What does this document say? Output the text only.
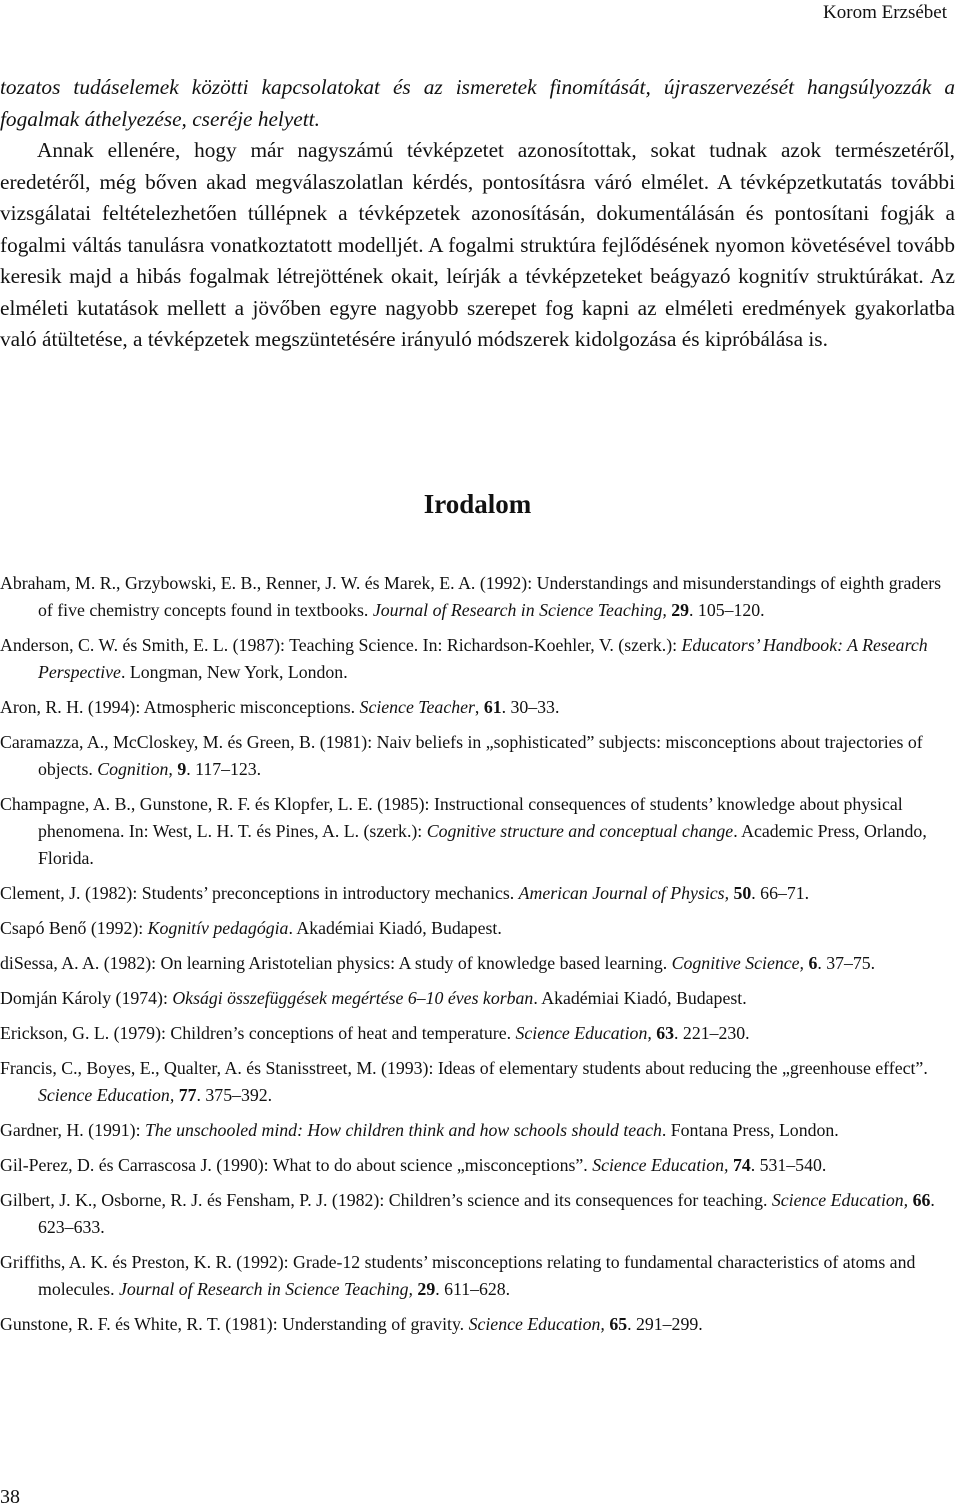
Korom Erzsébet

tozatos tudáselemek közötti kapcsolatokat és az ismeretek finomítását, újraszervezését hangsúlyozzák a fogalmak áthelyezése, cseréje helyett.

Annak ellenére, hogy már nagyszámú tévképzetet azonosítottak, sokat tudnak azok természetéről, eredetéről, még bőven akad megválaszolatlan kérdés, pontosításra váró elmélet. A tévképzetkutatás további vizsgálatai feltételezhetően túllépnek a tévképzetek azonosításán, dokumentálásán és pontosítani fogják a fogalmi váltás tanulásra vonatkoztatott modelljét. A fogalmi struktúra fejlődésének nyomon követésével tovább keresik majd a hibás fogalmak létrejöttének okait, leírják a tévképzeteket beágyazó kognitív struktúrákat. Az elméleti kutatások mellett a jövőben egyre nagyobb szerepet fog kapni az elméleti eredmények gyakorlatba való átültetése, a tévképzetek megszüntetésére irányuló módszerek kidolgozása és kipróbálása is.

Irodalom
Abraham, M. R., Grzybowski, E. B., Renner, J. W. és Marek, E. A. (1992): Understandings and misunderstandings of eighth graders of five chemistry concepts found in textbooks. Journal of Research in Science Teaching, 29. 105–120.
Anderson, C. W. és Smith, E. L. (1987): Teaching Science. In: Richardson-Koehler, V. (szerk.): Educators’ Handbook: A Research Perspective. Longman, New York, London.
Aron, R. H. (1994): Atmospheric misconceptions. Science Teacher, 61. 30–33.
Caramazza, A., McCloskey, M. és Green, B. (1981): Naiv beliefs in „sophisticated” subjects: misconceptions about trajectories of objects. Cognition, 9. 117–123.
Champagne, A. B., Gunstone, R. F. és Klopfer, L. E. (1985): Instructional consequences of students’ knowledge about physical phenomena. In: West, L. H. T. és Pines, A. L. (szerk.): Cognitive structure and conceptual change. Academic Press, Orlando, Florida.
Clement, J. (1982): Students’ preconceptions in introductory mechanics. American Journal of Physics, 50. 66–71.
Csapó Benő (1992): Kognitív pedagógia. Akadémiai Kiadó, Budapest.
diSessa, A. A. (1982): On learning Aristotelian physics: A study of knowledge based learning. Cognitive Science, 6. 37–75.
Domján Károly (1974): Oksági összefüggések megértése 6–10 éves korban. Akadémiai Kiadó, Budapest.
Erickson, G. L. (1979): Children’s conceptions of heat and temperature. Science Education, 63. 221–230.
Francis, C., Boyes, E., Qualter, A. és Stanisstreet, M. (1993): Ideas of elementary students about reducing the „greenhouse effect”. Science Education, 77. 375–392.
Gardner, H. (1991): The unschooled mind: How children think and how schools should teach. Fontana Press, London.
Gil-Perez, D. és Carrascosa J. (1990): What to do about science „misconceptions”. Science Education, 74. 531–540.
Gilbert, J. K., Osborne, R. J. és Fensham, P. J. (1982): Children’s science and its consequences for teaching. Science Education, 66. 623–633.
Griffiths, A. K. és Preston, K. R. (1992): Grade-12 students’ misconceptions relating to fundamental characteristics of atoms and molecules. Journal of Research in Science Teaching, 29. 611–628.
Gunstone, R. F. és White, R. T. (1981): Understanding of gravity. Science Education, 65. 291–299.
38
